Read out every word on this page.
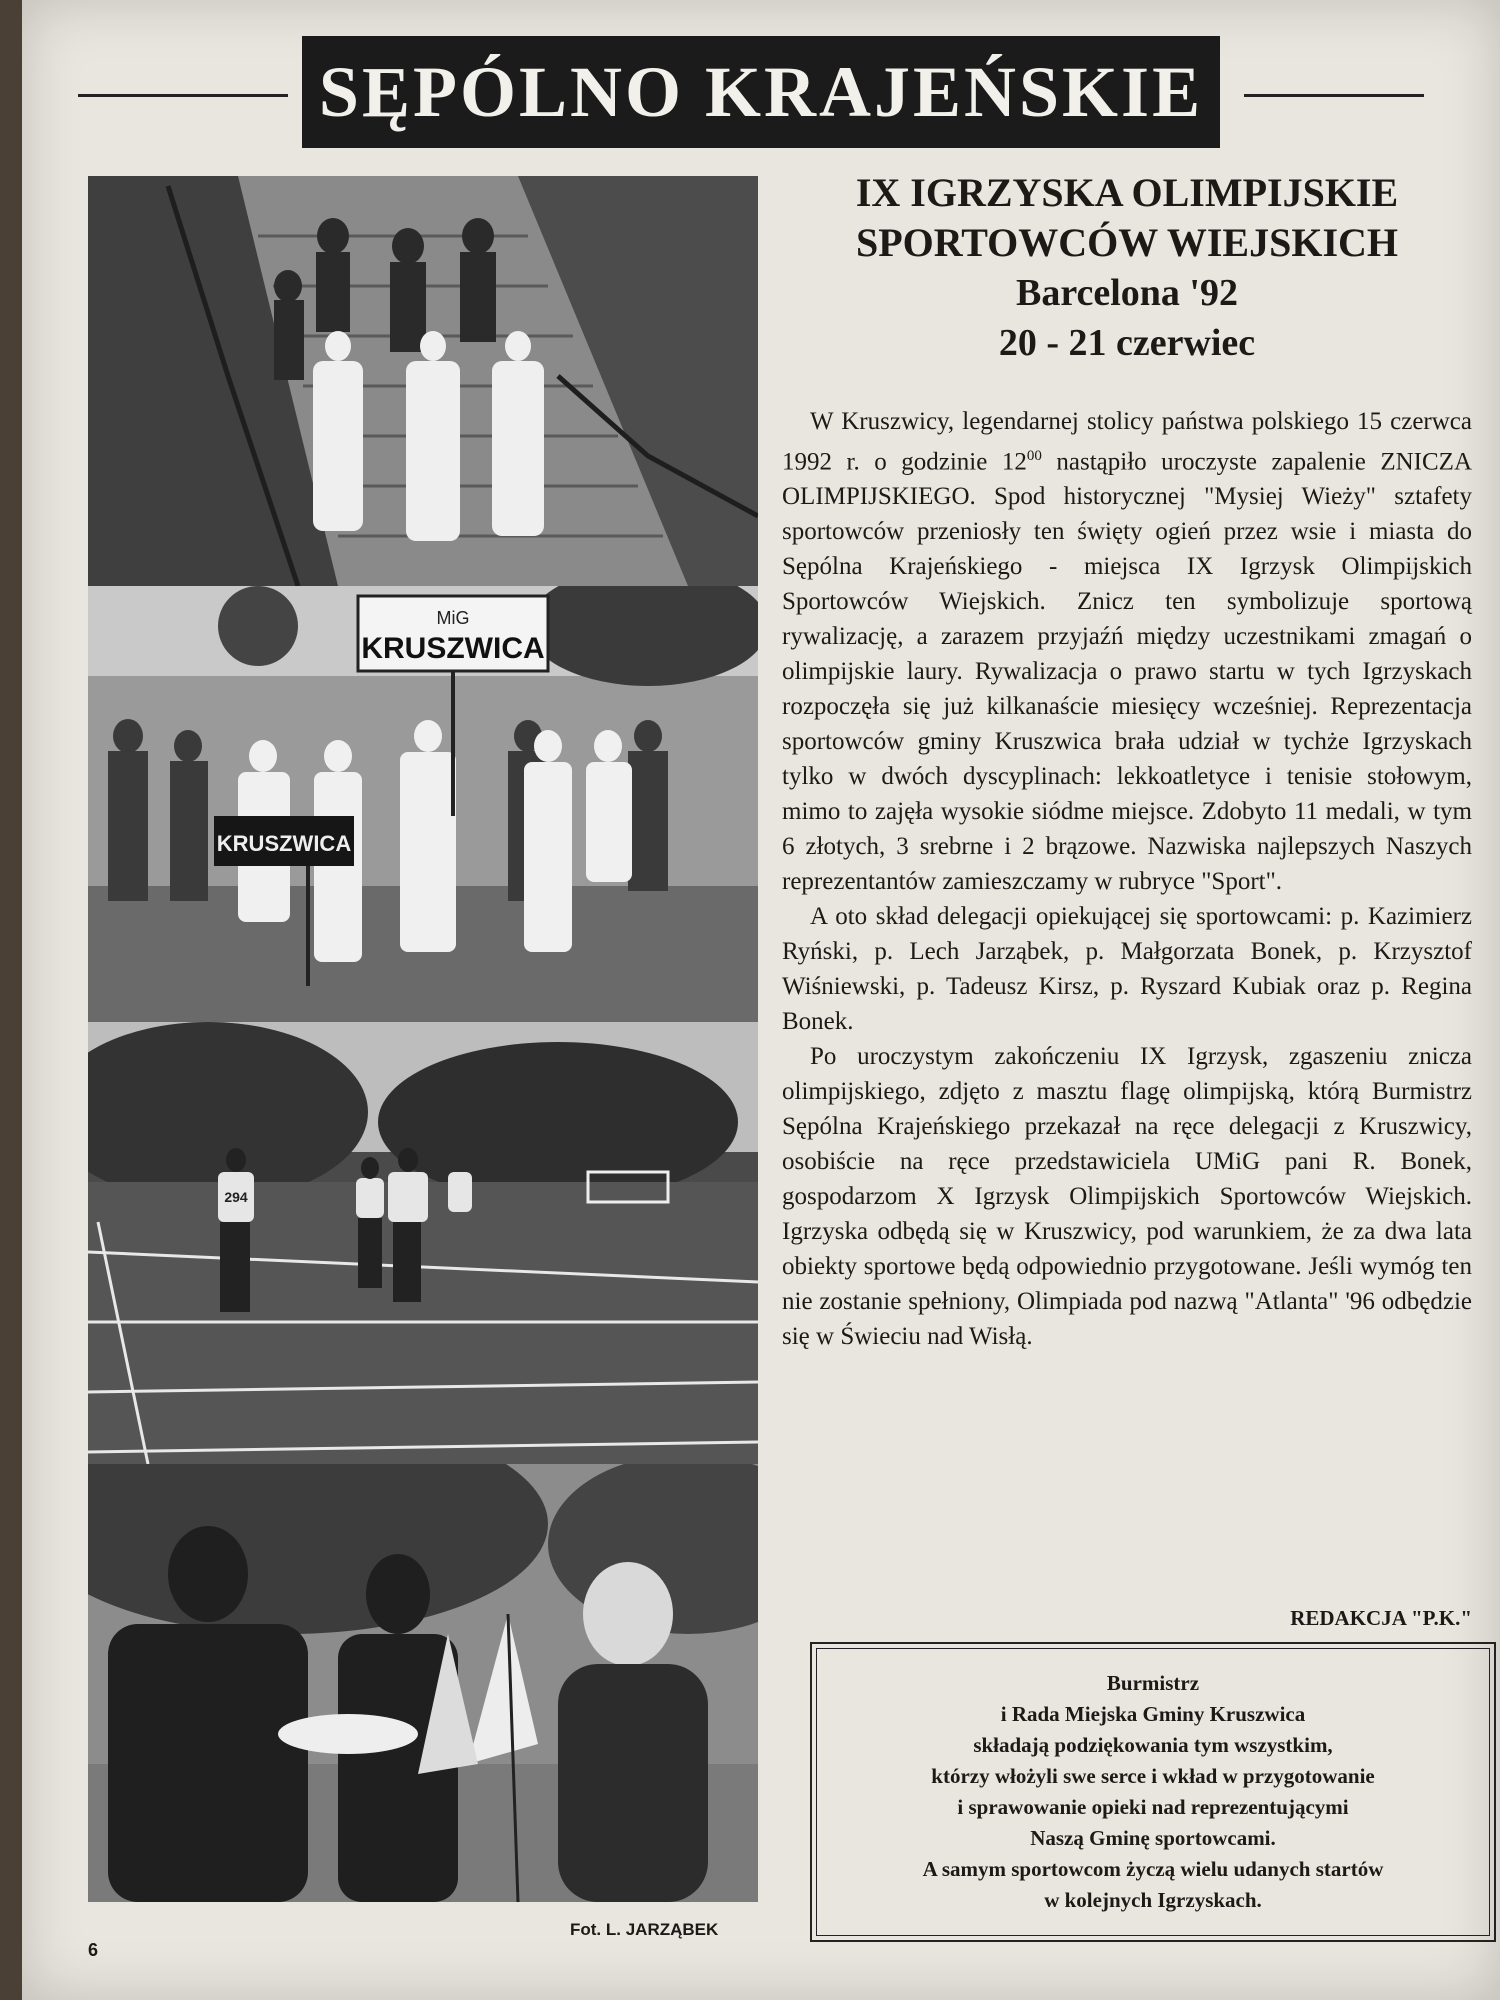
SĘPÓLNO KRAJEŃSKIE
MiG
KRUSZWICA
KRUSZWICA
294
Fot. L. JARZĄBEK
6
IX IGRZYSKA OLIMPIJSKIE
SPORTOWCÓW WIEJSKICH
Barcelona '92
20 - 21 czerwiec

W Kruszwicy, legendarnej stolicy państwa polskiego 15 czerwca 1992 r. o godzinie $12^{00}$ nastąpiło uroczyste zapalenie ZNICZA OLIMPIJSKIEGO. Spod historycznej "Mysiej Wieży" sztafety sportowców przeniosły ten święty ogień przez wsie i miasta do Sępólna Krajeńskiego - miejsca IX Igrzysk Olimpijskich Sportowców Wiejskich. Znicz ten symbolizuje sportową rywalizację, a zarazem przyjaźń między uczestnikami zmagań o olimpijskie laury. Rywalizacja o prawo startu w tych Igrzyskach rozpoczęła się już kilkanaście miesięcy wcześniej. Reprezentacja sportowców gminy Kruszwica brała udział w tychże Igrzyskach tylko w dwóch dyscyplinach: lekkoatletyce i tenisie stołowym, mimo to zajęła wysokie siódme miejsce. Zdobyto 11 medali, w tym 6 złotych, 3 srebrne i 2 brązowe. Nazwiska najlepszych Naszych reprezentantów zamieszczamy w rubryce "Sport".

A oto skład delegacji opiekującej się sportowcami: p. Kazimierz Ryński, p. Lech Jarząbek, p. Małgorzata Bonek, p. Krzysztof Wiśniewski, p. Tadeusz Kirsz, p. Ryszard Kubiak oraz p. Regina Bonek.

Po uroczystym zakończeniu IX Igrzysk, zgaszeniu znicza olimpijskiego, zdjęto z masztu flagę olimpijską, którą Burmistrz Sępólna Krajeńskiego przekazał na ręce delegacji z Kruszwicy, osobiście na ręce przedstawiciela UMiG pani R. Bonek, gospodarzom X Igrzysk Olimpijskich Sportowców Wiejskich. Igrzyska odbędą się w Kruszwicy, pod warunkiem, że za dwa lata obiekty sportowe będą odpowiednio przygotowane. Jeśli wymóg ten nie zostanie spełniony, Olimpiada pod nazwą "Atlanta" '96 odbędzie się w Świeciu nad Wisłą.

REDAKCJA "P.K."
Burmistrz
i Rada Miejska Gminy Kruszwica
składają podziękowania tym wszystkim,
którzy włożyli swe serce i wkład w przygotowanie
i sprawowanie opieki nad reprezentującymi
Naszą Gminę sportowcami.
A samym sportowcom życzą wielu udanych startów
w kolejnych Igrzyskach.
